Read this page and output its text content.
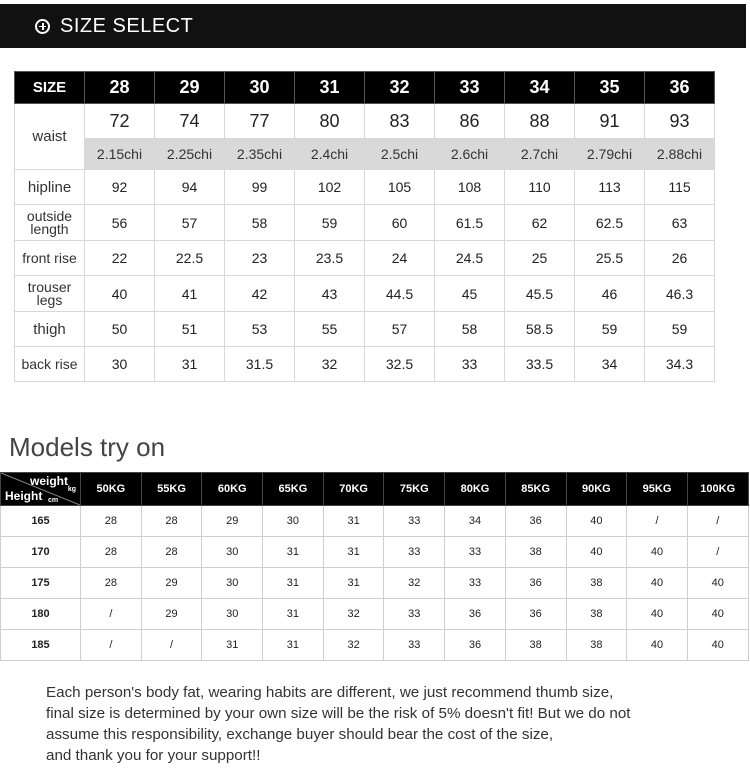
SIZE SELECT
SIZE	28	29	30	31	32	33	34	35	36
waist	72	74	77	80	83	86	88	91	93
	2.15chi	2.25chi	2.35chi	2.4chi	2.5chi	2.6chi	2.7chi	2.79chi	2.88chi
hipline	92	94	99	102	105	108	110	113	115
outside length	56	57	58	59	60	61.5	62	62.5	63
front rise	22	22.5	23	23.5	24	24.5	25	25.5	26
trouser legs	40	41	42	43	44.5	45	45.5	46	46.3
thigh	50	51	53	55	57	58	58.5	59	59
back rise	30	31	31.5	32	32.5	33	33.5	34	34.3
Models try on
weight
kg
Height cm	50KG	55KG	60KG	65KG	70KG	75KG	80KG	85KG	90KG	95KG	100KG
165	28	28	29	30	31	33	34	36	40	/	/
170	28	28	30	31	31	33	33	38	40	40	/
175	28	29	30	31	31	32	33	36	38	40	40
180	/	29	30	31	32	33	36	36	38	40	40
185	/	/	31	31	32	33	36	38	38	40	40
Each person's body fat, wearing habits are different, we just recommend thumb size,
final size is determined by your own size will be the risk of 5% doesn't fit! But we do not
assume this responsibility, exchange buyer should bear the cost of the size,
and thank you for your support!!
